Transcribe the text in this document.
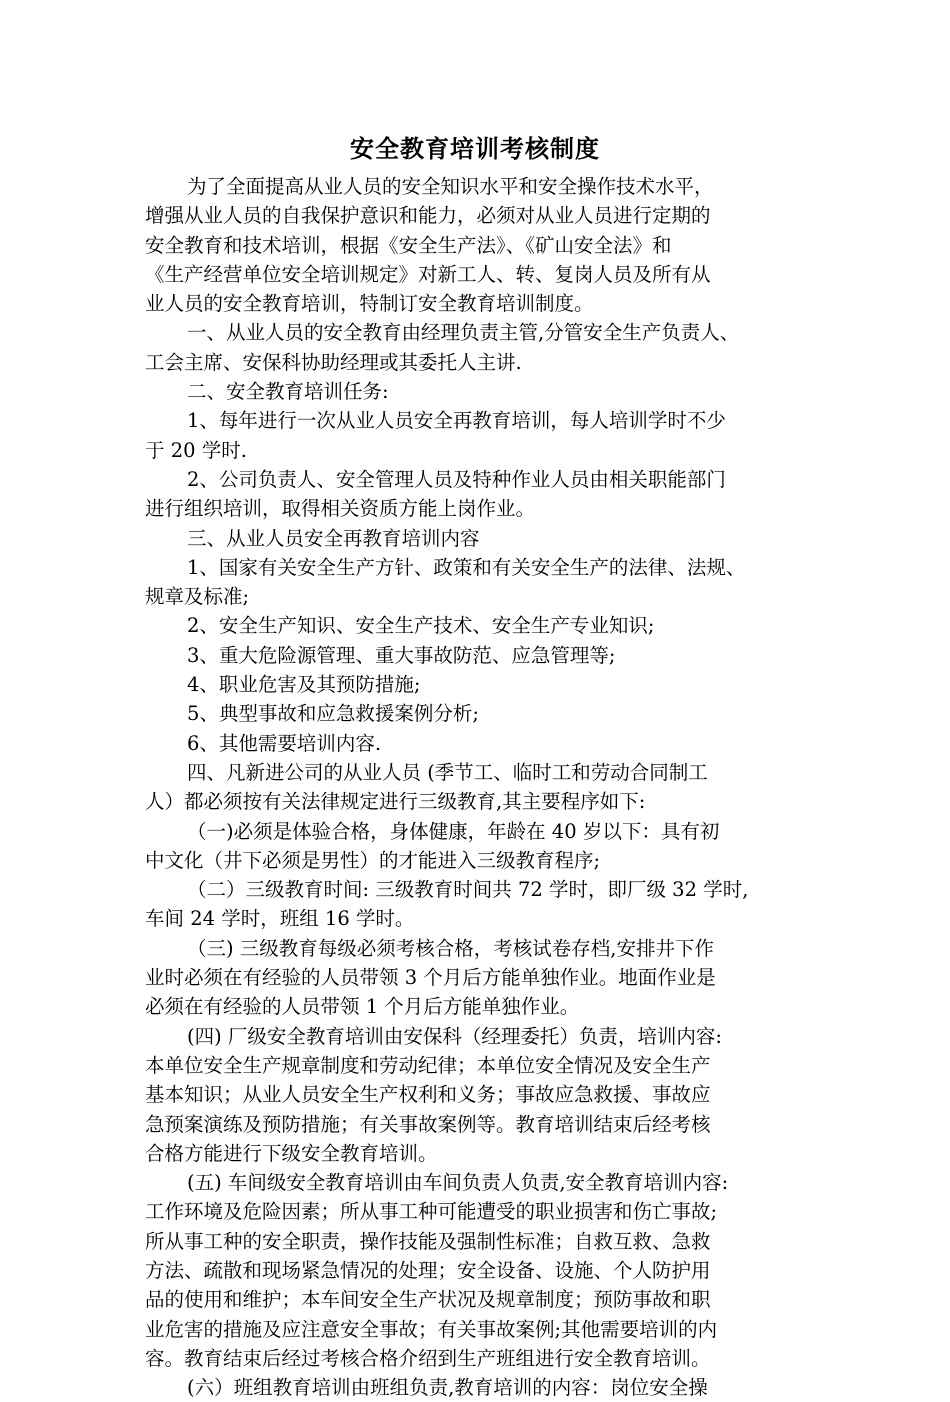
安全教育培训考核制度
为了全面提高从业人员的安全知识水平和安全操作技术水平，
增强从业人员的自我保护意识和能力，必须对从业人员进行定期的
安全教育和技术培训，根据《安全生产法》、《矿山安全法》和
《生产经营单位安全培训规定》对新工人、转、复岗人员及所有从
业人员的安全教育培训，特制订安全教育培训制度。
一、从业人员的安全教育由经理负责主管,分管安全生产负责人、
工会主席、安保科协助经理或其委托人主讲.
二、安全教育培训任务:
1、每年进行一次从业人员安全再教育培训，每人培训学时不少
于 20 学时.
2、公司负责人、安全管理人员及特种作业人员由相关职能部门
进行组织培训，取得相关资质方能上岗作业。
三、从业人员安全再教育培训内容
1、国家有关安全生产方针、政策和有关安全生产的法律、法规、
规章及标准;
2、安全生产知识、安全生产技术、安全生产专业知识;
3、重大危险源管理、重大事故防范、应急管理等;
4、职业危害及其预防措施;
5、典型事故和应急救援案例分析;
6、其他需要培训内容.
四、凡新进公司的从业人员 (季节工、临时工和劳动合同制工
人）都必须按有关法律规定进行三级教育,其主要程序如下:
（一)必须是体验合格，身体健康，年龄在 40 岁以下：具有初
中文化（井下必须是男性）的才能进入三级教育程序;
（二）三级教育时间: 三级教育时间共 72 学时，即厂级 32 学时,
车间 24 学时，班组 16 学时。
（三) 三级教育每级必须考核合格，考核试卷存档,安排井下作
业时必须在有经验的人员带领 3 个月后方能单独作业。地面作业是
必须在有经验的人员带领 1 个月后方能单独作业。
(四) 厂级安全教育培训由安保科（经理委托）负责，培训内容:
本单位安全生产规章制度和劳动纪律；本单位安全情况及安全生产
基本知识；从业人员安全生产权利和义务；事故应急救援、事故应
急预案演练及预防措施；有关事故案例等。教育培训结束后经考核
合格方能进行下级安全教育培训。
(五) 车间级安全教育培训由车间负责人负责,安全教育培训内容:
工作环境及危险因素；所从事工种可能遭受的职业损害和伤亡事故;
所从事工种的安全职责，操作技能及强制性标准；自救互救、急救
方法、疏散和现场紧急情况的处理；安全设备、设施、个人防护用
品的使用和维护；本车间安全生产状况及规章制度；预防事故和职
业危害的措施及应注意安全事故；有关事故案例;其他需要培训的内
容。教育结束后经过考核合格介绍到生产班组进行安全教育培训。
(六）班组教育培训由班组负责,教育培训的内容：岗位安全操
